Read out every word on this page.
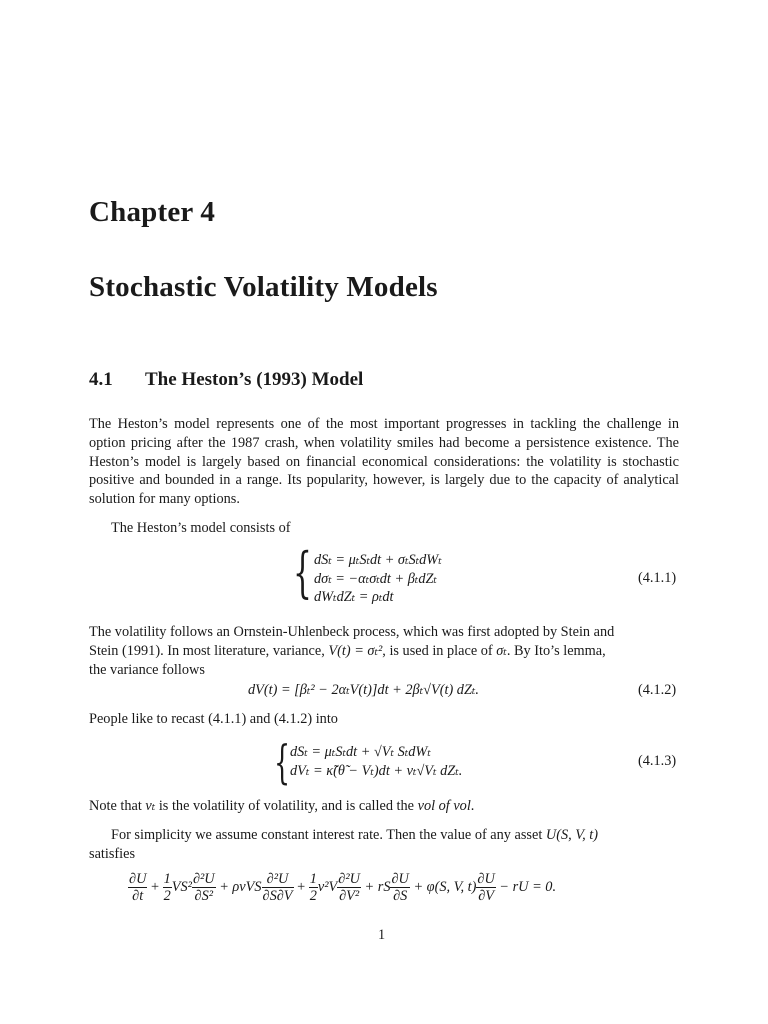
Chapter 4
Stochastic Volatility Models
4.1 The Heston’s (1993) Model
The Heston’s model represents one of the most important progresses in tackling the challenge in option pricing after the 1987 crash, when volatility smiles had become a persistence existence. The Heston’s model is largely based on financial economical considerations: the volatility is stochastic positive and bounded in a range. Its popularity, however, is largely due to the capacity of analytical solution for many options.
The Heston’s model consists of
{ dSₜ = μₜSₜdt + σₜSₜdWₜ
dσₜ = −αₜσₜdt + βₜdZₜ
dWₜdZₜ = ρₜdt
(4.1.1)
The volatility follows an Ornstein-Uhlenbeck process, which was first adopted by Stein and
Stein (1991). In most literature, variance, V(t) = σₜ², is used in place of σₜ. By Ito’s lemma,
the variance follows
dV(t) = [βₜ² − 2αₜV(t)]dt + 2βₜ√V(t) dZₜ.	(4.1.2)
People like to recast (4.1.1) and (4.1.2) into
{ dSₜ = μₜSₜdt + √Vₜ SₜdWₜ
dVₜ = κ̃(θ̃ − Vₜ)dt + νₜ√Vₜ dZₜ.
(4.1.3)
Note that νₜ is the volatility of volatility, and is called the vol of vol.
For simplicity we assume constant interest rate. Then the value of any asset U(S, V, t)
satisfies
$\frac{\partial U}{\partial t} + \frac{1}{2} VS^2 \frac{\text{∂²U}}{\text{∂S²}} + \rho\nu VS \frac{\text{∂²U}}{\partial S\partial V} + \frac{1}{2} \nu^2V \frac{\text{∂²U}}{\text{∂V²}}$ + rS $\frac{\partial U}{\partial S} + \varphi(S$, V, $t) \frac{\partial U}{\partial V}$ − rU = 0.
1
